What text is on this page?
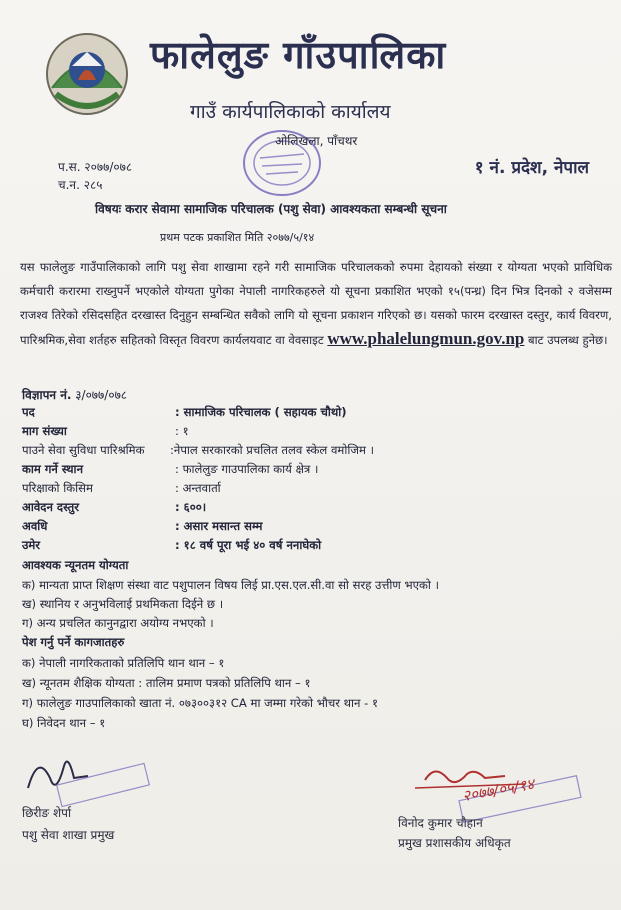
फालेलुङ गाँउपालिका
गाउँ कार्यपालिकाको कार्यालय
ओलिखला, पाँचथर
प.स. २०७७/०७८
च.न. २८५
१ नं. प्रदेश, नेपाल
विषयः करार सेवामा सामाजिक परिचालक (पशु सेवा) आवश्यकता सम्बन्धी सूचना
प्रथम पटक प्रकाशित मिति २०७७/५/१४
यस फालेलुङ गाउँपालिकाको लागि पशु सेवा शाखामा रहने गरी सामाजिक परिचालकको रुपमा देहायको संख्या र योग्यता भएको प्राविधिक कर्मचारी करारमा राख्नुपर्ने भएकोले योग्यता पुगेका नेपाली नागरिकहरुले यो सूचना प्रकाशित भएको १५(पन्ध्र) दिन भित्र दिनको २ वजेसम्म राजश्व तिरेको रसिदसहित दरखास्त दिनुहुन सम्बन्धित सवैको लागि यो सूचना प्रकाशन गरिएको छ। यसको फारम दरखास्त दस्तुर, कार्य विवरण, पारिश्रमिक,सेवा शर्तहरु सहितको विस्तृत विवरण कार्यलयवाट वा वेवसाइट www.phalelungmun.gov.np बाट उपलब्ध हुनेछ।
विज्ञापन नं. ३/०७७/०७८
पद	: सामाजिक परिचालक ( सहायक चौथो)
माग संख्या	: १
पाउने सेवा सुविधा पारिश्रमिक :नेपाल सरकारको प्रचलित तलव स्केल वमोजिम ।
काम गर्ने स्थान	: फालेलुङ गाउपालिका कार्य क्षेत्र ।
परिक्षाको किसिम	: अन्तवार्ता
आवेदन दस्तुर	: ६००।
अवधि	: असार मसान्त सम्म
उमेर	: १८ वर्ष पूरा भई ४० वर्ष ननाघेको
आवश्यक न्यूनतम योग्यता
क) मान्यता प्राप्त शिक्षण संस्था वाट पशुपालन विषय लिई प्रा.एस.एल.सी.वा सो सरह उत्तीण भएको ।
ख) स्थानिय र अनुभविलाई प्रथमिकता दिईने छ ।
ग) अन्य प्रचलित कानुनद्वारा अयोग्य नभएको ।
पेश गर्नु पर्ने कागजातहरु
क) नेपाली नागरिकताको प्रतिलिपि थान थान – १
ख) न्यूनतम शैक्षिक योग्यता : तालिम प्रमाण पत्रको प्रतिलिपि थान – १
ग) फालेलुङ गाउपालिकाको खाता नं. ०७३००३१२ CA मा जम्मा गरेको भौचर थान - १
घ) निवेदन थान – १
छिरीङ शेर्पा
पशु सेवा शाखा प्रमुख
२०७७/०५/१४
विनोद कुमार चौहान
प्रमुख प्रशासकीय अधिकृत
